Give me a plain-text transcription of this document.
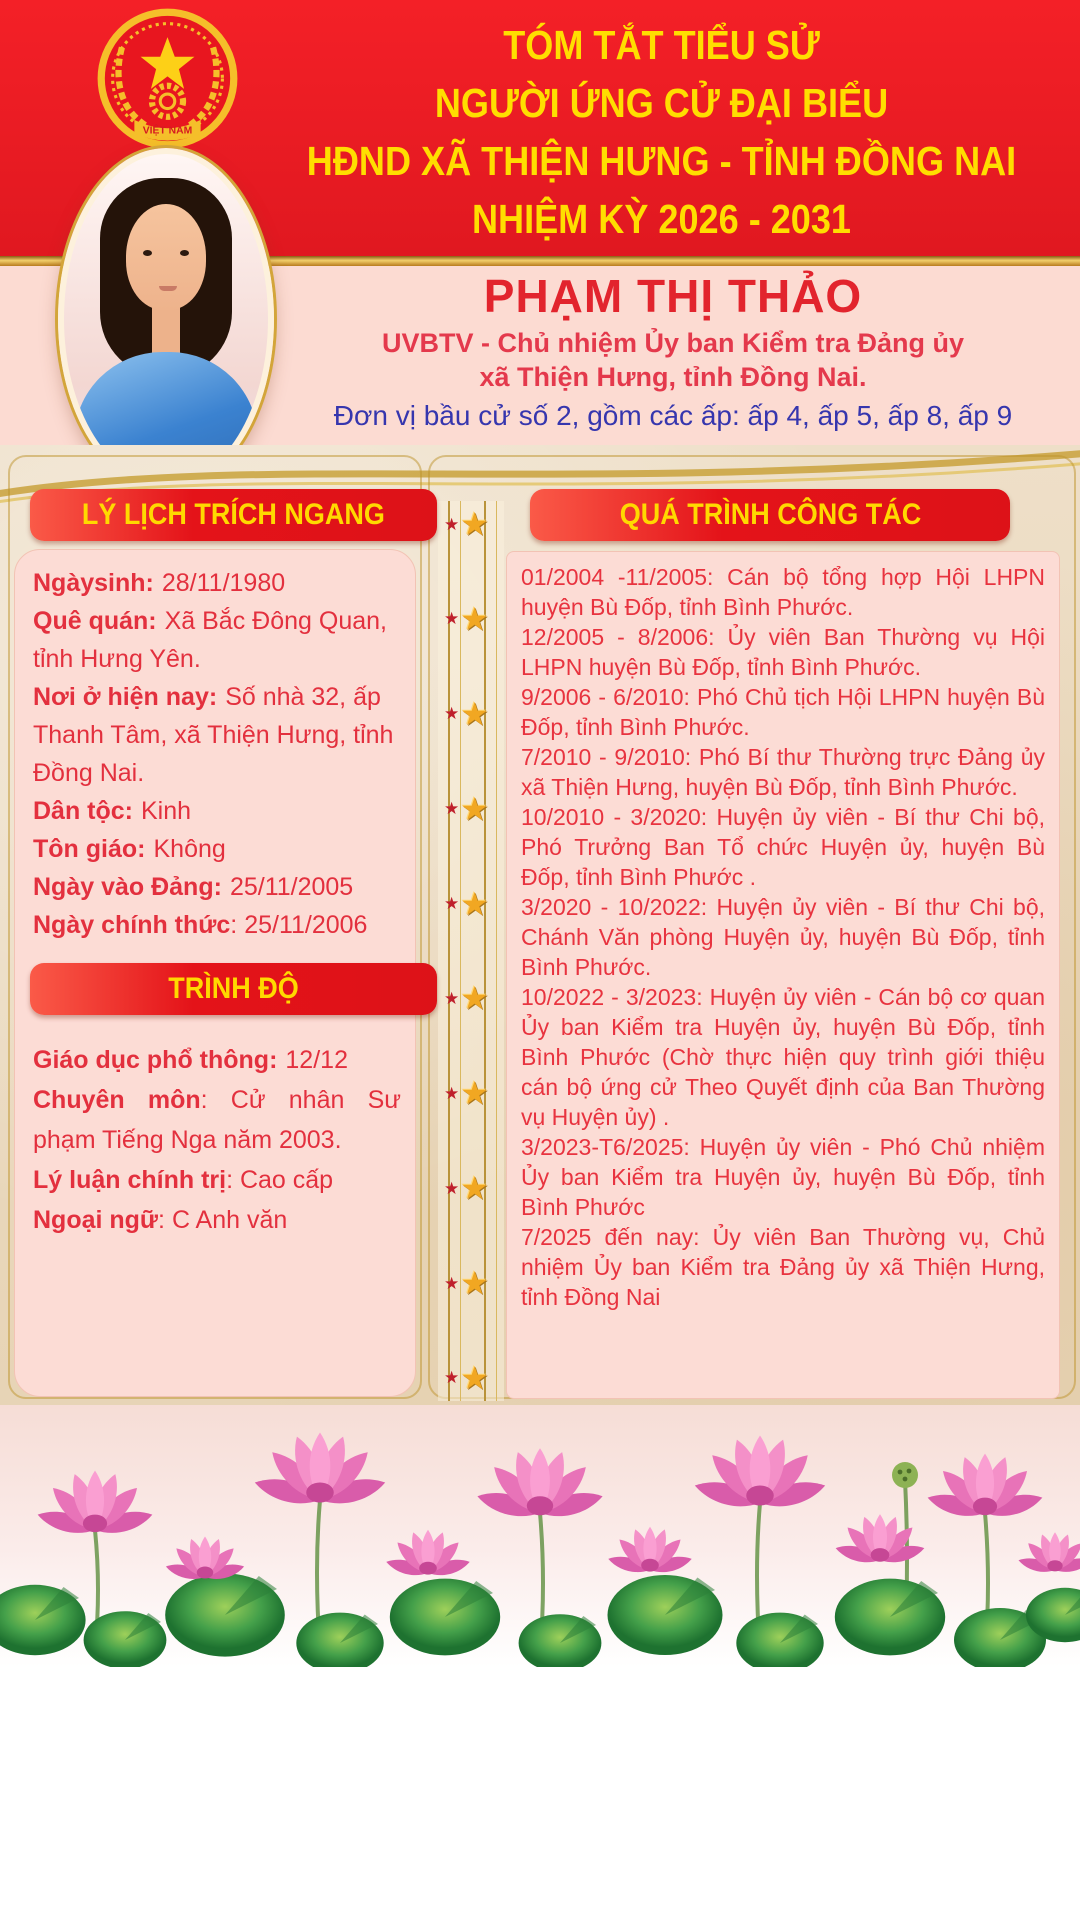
TÓM TẮT TIỂU SỬ
NGƯỜI ỨNG CỬ ĐẠI BIỂU
HĐND XÃ THIỆN HƯNG - TỈNH ĐỒNG NAI
NHIỆM KỲ 2026 - 2031
VIỆT NAM
PHẠM THỊ THẢO
UVBTV - Chủ nhiệm Ủy ban Kiểm tra Đảng ủy
xã Thiện Hưng, tỉnh Đồng Nai.
Đơn vị bầu cử số 2, gồm các ấp: ấp 4, ấp 5, ấp 8, ấp 9

Ngàysinh: 28/11/1980

Quê quán: Xã Bắc Đông Quan, tỉnh Hưng Yên.

Nơi ở hiện nay: Số nhà 32, ấp Thanh Tâm, xã Thiện Hưng, tỉnh Đồng Nai.

Dân tộc: Kinh

Tôn giáo: Không

Ngày vào Đảng: 25/11/2005

Ngày chính thức: 25/11/2006

Giáo dục phổ thông: 12/12

Chuyên môn: Cử nhân Sư phạm Tiếng Nga năm 2003.

Lý luận chính trị: Cao cấp

Ngoại ngữ: C Anh văn

01/2004 -11/2005: Cán bộ tổng hợp Hội LHPN huyện Bù Đốp, tỉnh Bình Phước.

12/2005 - 8/2006: Ủy viên Ban Thường vụ Hội LHPN huyện Bù Đốp, tỉnh Bình Phước.

9/2006 - 6/2010: Phó Chủ tịch Hội LHPN huyện Bù Đốp, tỉnh Bình Phước.

7/2010 - 9/2010: Phó Bí thư Thường trực Đảng ủy xã Thiện Hưng, huyện Bù Đốp, tỉnh Bình Phước.

10/2010 - 3/2020: Huyện ủy viên - Bí thư Chi bộ, Phó Trưởng Ban Tổ chức Huyện ủy, huyện Bù Đốp, tỉnh Bình Phước .

3/2020 - 10/2022: Huyện ủy viên - Bí thư Chi bộ, Chánh Văn phòng Huyện ủy, huyện Bù Đốp, tỉnh Bình Phước.

10/2022 - 3/2023: Huyện ủy viên - Cán bộ cơ quan Ủy ban Kiểm tra Huyện ủy, huyện Bù Đốp, tỉnh Bình Phước (Chờ thực hiện quy trình giới thiệu cán bộ ứng cử Theo Quyết định của Ban Thường vụ Huyện ủy) .

3/2023-T6/2025: Huyện ủy viên - Phó Chủ nhiệm Ủy ban Kiểm tra Huyện ủy, huyện Bù Đốp, tỉnh Bình Phước

7/2025 đến nay: Ủy viên Ban Thường vụ, Chủ nhiệm Ủy ban Kiểm tra Đảng ủy xã Thiện Hưng, tỉnh Đồng Nai

★ ★
★ ★
★ ★
★ ★
★ ★
★ ★
★ ★
★ ★
★ ★
★ ★
LÝ LỊCH TRÍCH NGANG
TRÌNH ĐỘ
QUÁ TRÌNH CÔNG TÁC
